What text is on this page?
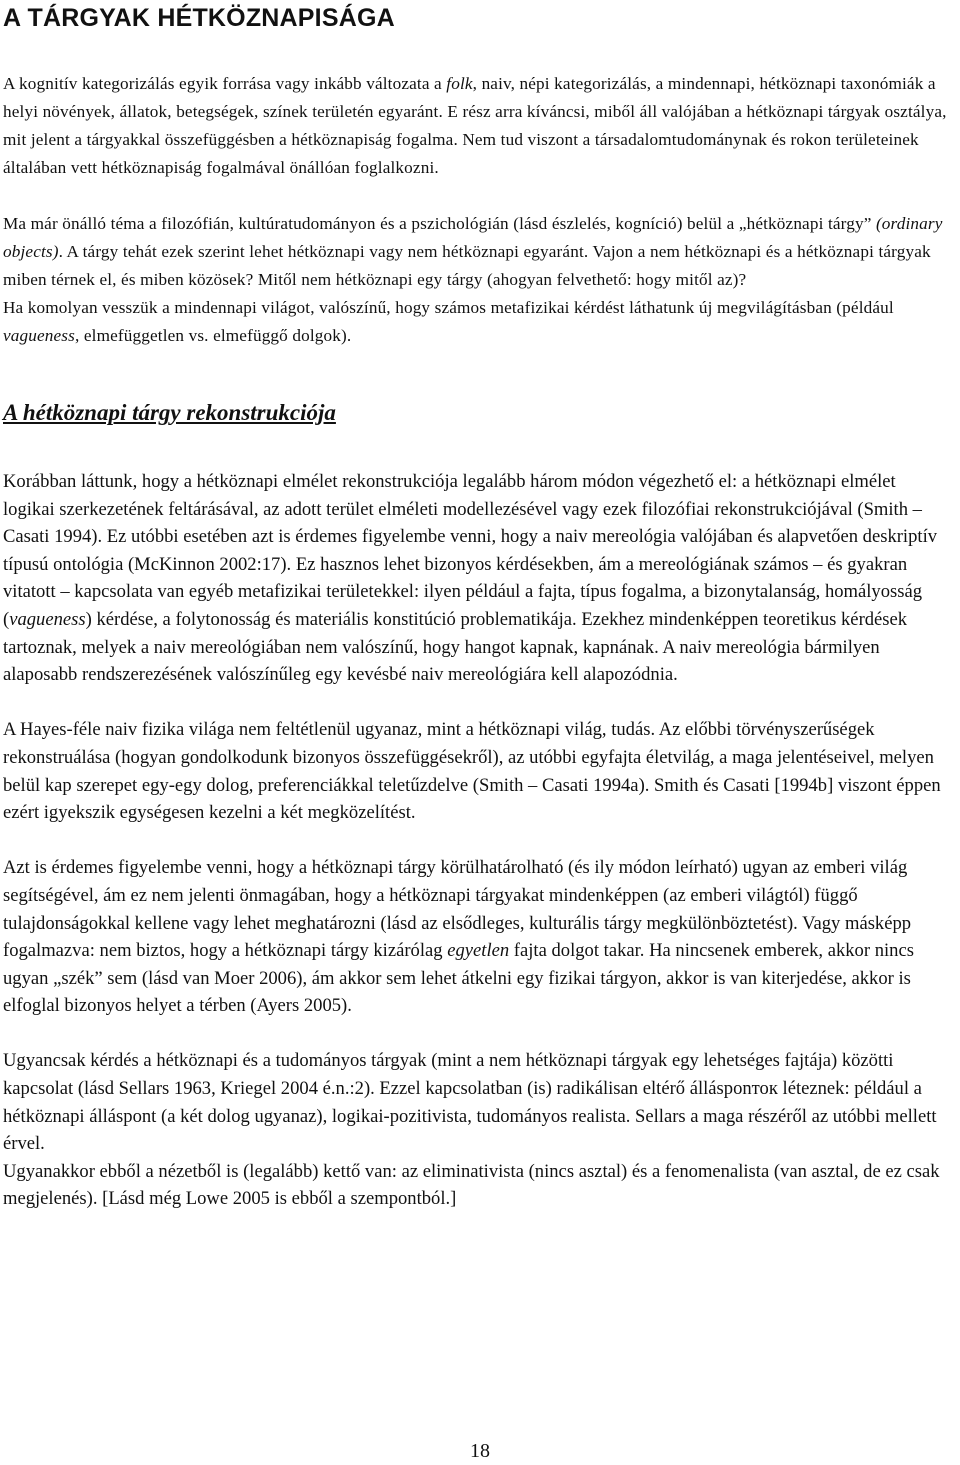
A TÁRGYAK HÉTKÖZNAPISÁGA

A kognitív kategorizálás egyik forrása vagy inkább változata a folk, naiv, népi kategorizálás, a mindennapi, hétköznapi taxonómiák a helyi növények, állatok, betegségek, színek területén egyaránt. E rész arra kíváncsi, miből áll valójában a hétköznapi tárgyak osztálya, mit jelent a tárgyakkal összefüggésben a hétköznapiság fogalma. Nem tud viszont a társadalomtudománynak és rokon területeinek általában vett hétköznapiság fogalmával önállóan foglalkozni.

Ma már önálló téma a filozófián, kultúratudományon és a pszichológián (lásd észlelés, kogníció) belül a „hétköznapi tárgy” (ordinary objects). A tárgy tehát ezek szerint lehet hétköznapi vagy nem hétköznapi egyaránt. Vajon a nem hétköznapi és a hétköznapi tárgyak miben térnek el, és miben közösek? Mitől nem hétköznapi egy tárgy (ahogyan felvethető: hogy mitől az)?

Ha komolyan vesszük a mindennapi világot, valószínű, hogy számos metafizikai kérdést láthatunk új megvilágításban (például vagueness, elmefüggetlen vs. elmefüggő dolgok).

A hétköznapi tárgy rekonstrukciója

Korábban láttunk, hogy a hétköznapi elmélet rekonstrukciója legalább három módon végezhető el: a hétköznapi elmélet logikai szerkezetének feltárásával, az adott terület elméleti modellezésével vagy ezek filozófiai rekonstrukciójával (Smith – Casati 1994). Ez utóbbi esetében azt is érdemes figyelembe venni, hogy a naiv mereológia valójában és alapvetően deskriptív típusú ontológia (McKinnon 2002:17). Ez hasznos lehet bizonyos kérdésekben, ám a mereológiának számos – és gyakran vitatott – kapcsolata van egyéb metafizikai területekkel: ilyen például a fajta, típus fogalma, a bizonytalanság, homályosság (vagueness) kérdése, a folytonosság és materiális konstitúció problematikája. Ezekhez mindenképpen teoretikus kérdések tartoznak, melyek a naiv mereológiában nem valószínű, hogy hangot kapnak, kapnának. A naiv mereológia bármilyen alaposabb rendszerezésének valószínűleg egy kevésbé naiv mereológiára kell alapozódnia.

A Hayes-féle naiv fizika világa nem feltétlenül ugyanaz, mint a hétköznapi világ, tudás. Az előbbi törvényszerűségek rekonstruálása (hogyan gondolkodunk bizonyos összefüggésekről), az utóbbi egyfajta életvilág, a maga jelentéseivel, melyen belül kap szerepet egy-egy dolog, preferenciákkal teletűzdelve (Smith – Casati 1994a). Smith és Casati [1994b] viszont éppen ezért igyekszik egységesen kezelni a két megközelítést.

Azt is érdemes figyelembe venni, hogy a hétköznapi tárgy körülhatárolható (és ily módon leírható) ugyan az emberi világ segítségével, ám ez nem jelenti önmagában, hogy a hétköznapi tárgyakat mindenképpen (az emberi világtól) függő tulajdonságokkal kellene vagy lehet meghatározni (lásd az elsődleges, kulturális tárgy megkülönböztetést). Vagy másképp fogalmazva: nem biztos, hogy a hétköznapi tárgy kizárólag egyetlen fajta dolgot takar. Ha nincsenek emberek, akkor nincs ugyan „szék” sem (lásd van Moer 2006), ám akkor sem lehet átkelni egy fizikai tárgyon, akkor is van kiterjedése, akkor is elfoglal bizonyos helyet a térben (Ayers 2005).

Ugyancsak kérdés a hétköznapi és a tudományos tárgyak (mint a nem hétköznapi tárgyak egy lehetséges fajtája) közötti kapcsolat (lásd Sellars 1963, Kriegel 2004 é.n.:2). Ezzel kapcsolatban (is) radikálisan eltérő állásponток léteznek: például a hétköznapi álláspont (a két dolog ugyanaz), logikai-pozitivista, tudományos realista. Sellars a maga részéről az utóbbi mellett érvel.

Ugyanakkor ebből a nézetből is (legalább) kettő van: az eliminativista (nincs asztal) és a fenomenalista (van asztal, de ez csak megjelenés). [Lásd még Lowe 2005 is ebből a szempontból.]

18
